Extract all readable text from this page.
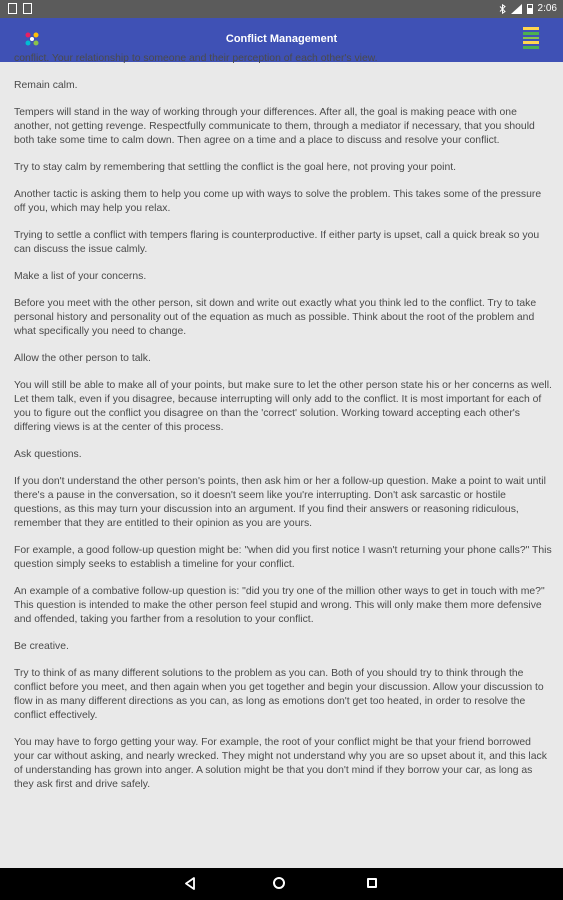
2:06
Conflict Management

conflict. Your relationship to someone and their perception of each other's view.

Remain calm.

Tempers will stand in the way of working through your differences. After all, the goal is making peace with one another, not getting revenge. Respectfully communicate to them, through a mediator if necessary, that you should both take some time to calm down. Then agree on a time and a place to discuss and resolve your conflict.

Try to stay calm by remembering that settling the conflict is the goal here, not proving your point.

Another tactic is asking them to help you come up with ways to solve the problem. This takes some of the pressure off you, which may help you relax.

Trying to settle a conflict with tempers flaring is counterproductive. If either party is upset, call a quick break so you can discuss the issue calmly.

Make a list of your concerns.

Before you meet with the other person, sit down and write out exactly what you think led to the conflict. Try to take personal history and personality out of the equation as much as possible. Think about the root of the problem and what specifically you need to change.

Allow the other person to talk.

You will still be able to make all of your points, but make sure to let the other person state his or her concerns as well. Let them talk, even if you disagree, because interrupting will only add to the conflict. It is most important for each of you to figure out the conflict you disagree on than the 'correct' solution. Working toward accepting each other's differing views is at the center of this process.

Ask questions.

If you don't understand the other person's points, then ask him or her a follow-up question. Make a point to wait until there's a pause in the conversation, so it doesn't seem like you're interrupting. Don't ask sarcastic or hostile questions, as this may turn your discussion into an argument. If you find their answers or reasoning ridiculous, remember that they are entitled to their opinion as you are yours.

For example, a good follow-up question might be: "when did you first notice I wasn't returning your phone calls?" This question simply seeks to establish a timeline for your conflict.

An example of a combative follow-up question is: "did you try one of the million other ways to get in touch with me?" This question is intended to make the other person feel stupid and wrong. This will only make them more defensive and offended, taking you farther from a resolution to your conflict.

Be creative.

Try to think of as many different solutions to the problem as you can. Both of you should try to think through the conflict before you meet, and then again when you get together and begin your discussion. Allow your discussion to flow in as many different directions as you can, as long as emotions don't get too heated, in order to resolve the conflict effectively.

You may have to forgo getting your way. For example, the root of your conflict might be that your friend borrowed your car without asking, and nearly wrecked. They might not understand why you are so upset about it, and this lack of understanding has grown into anger. A solution might be that you don't mind if they borrow your car, as long as they ask first and drive safely.
